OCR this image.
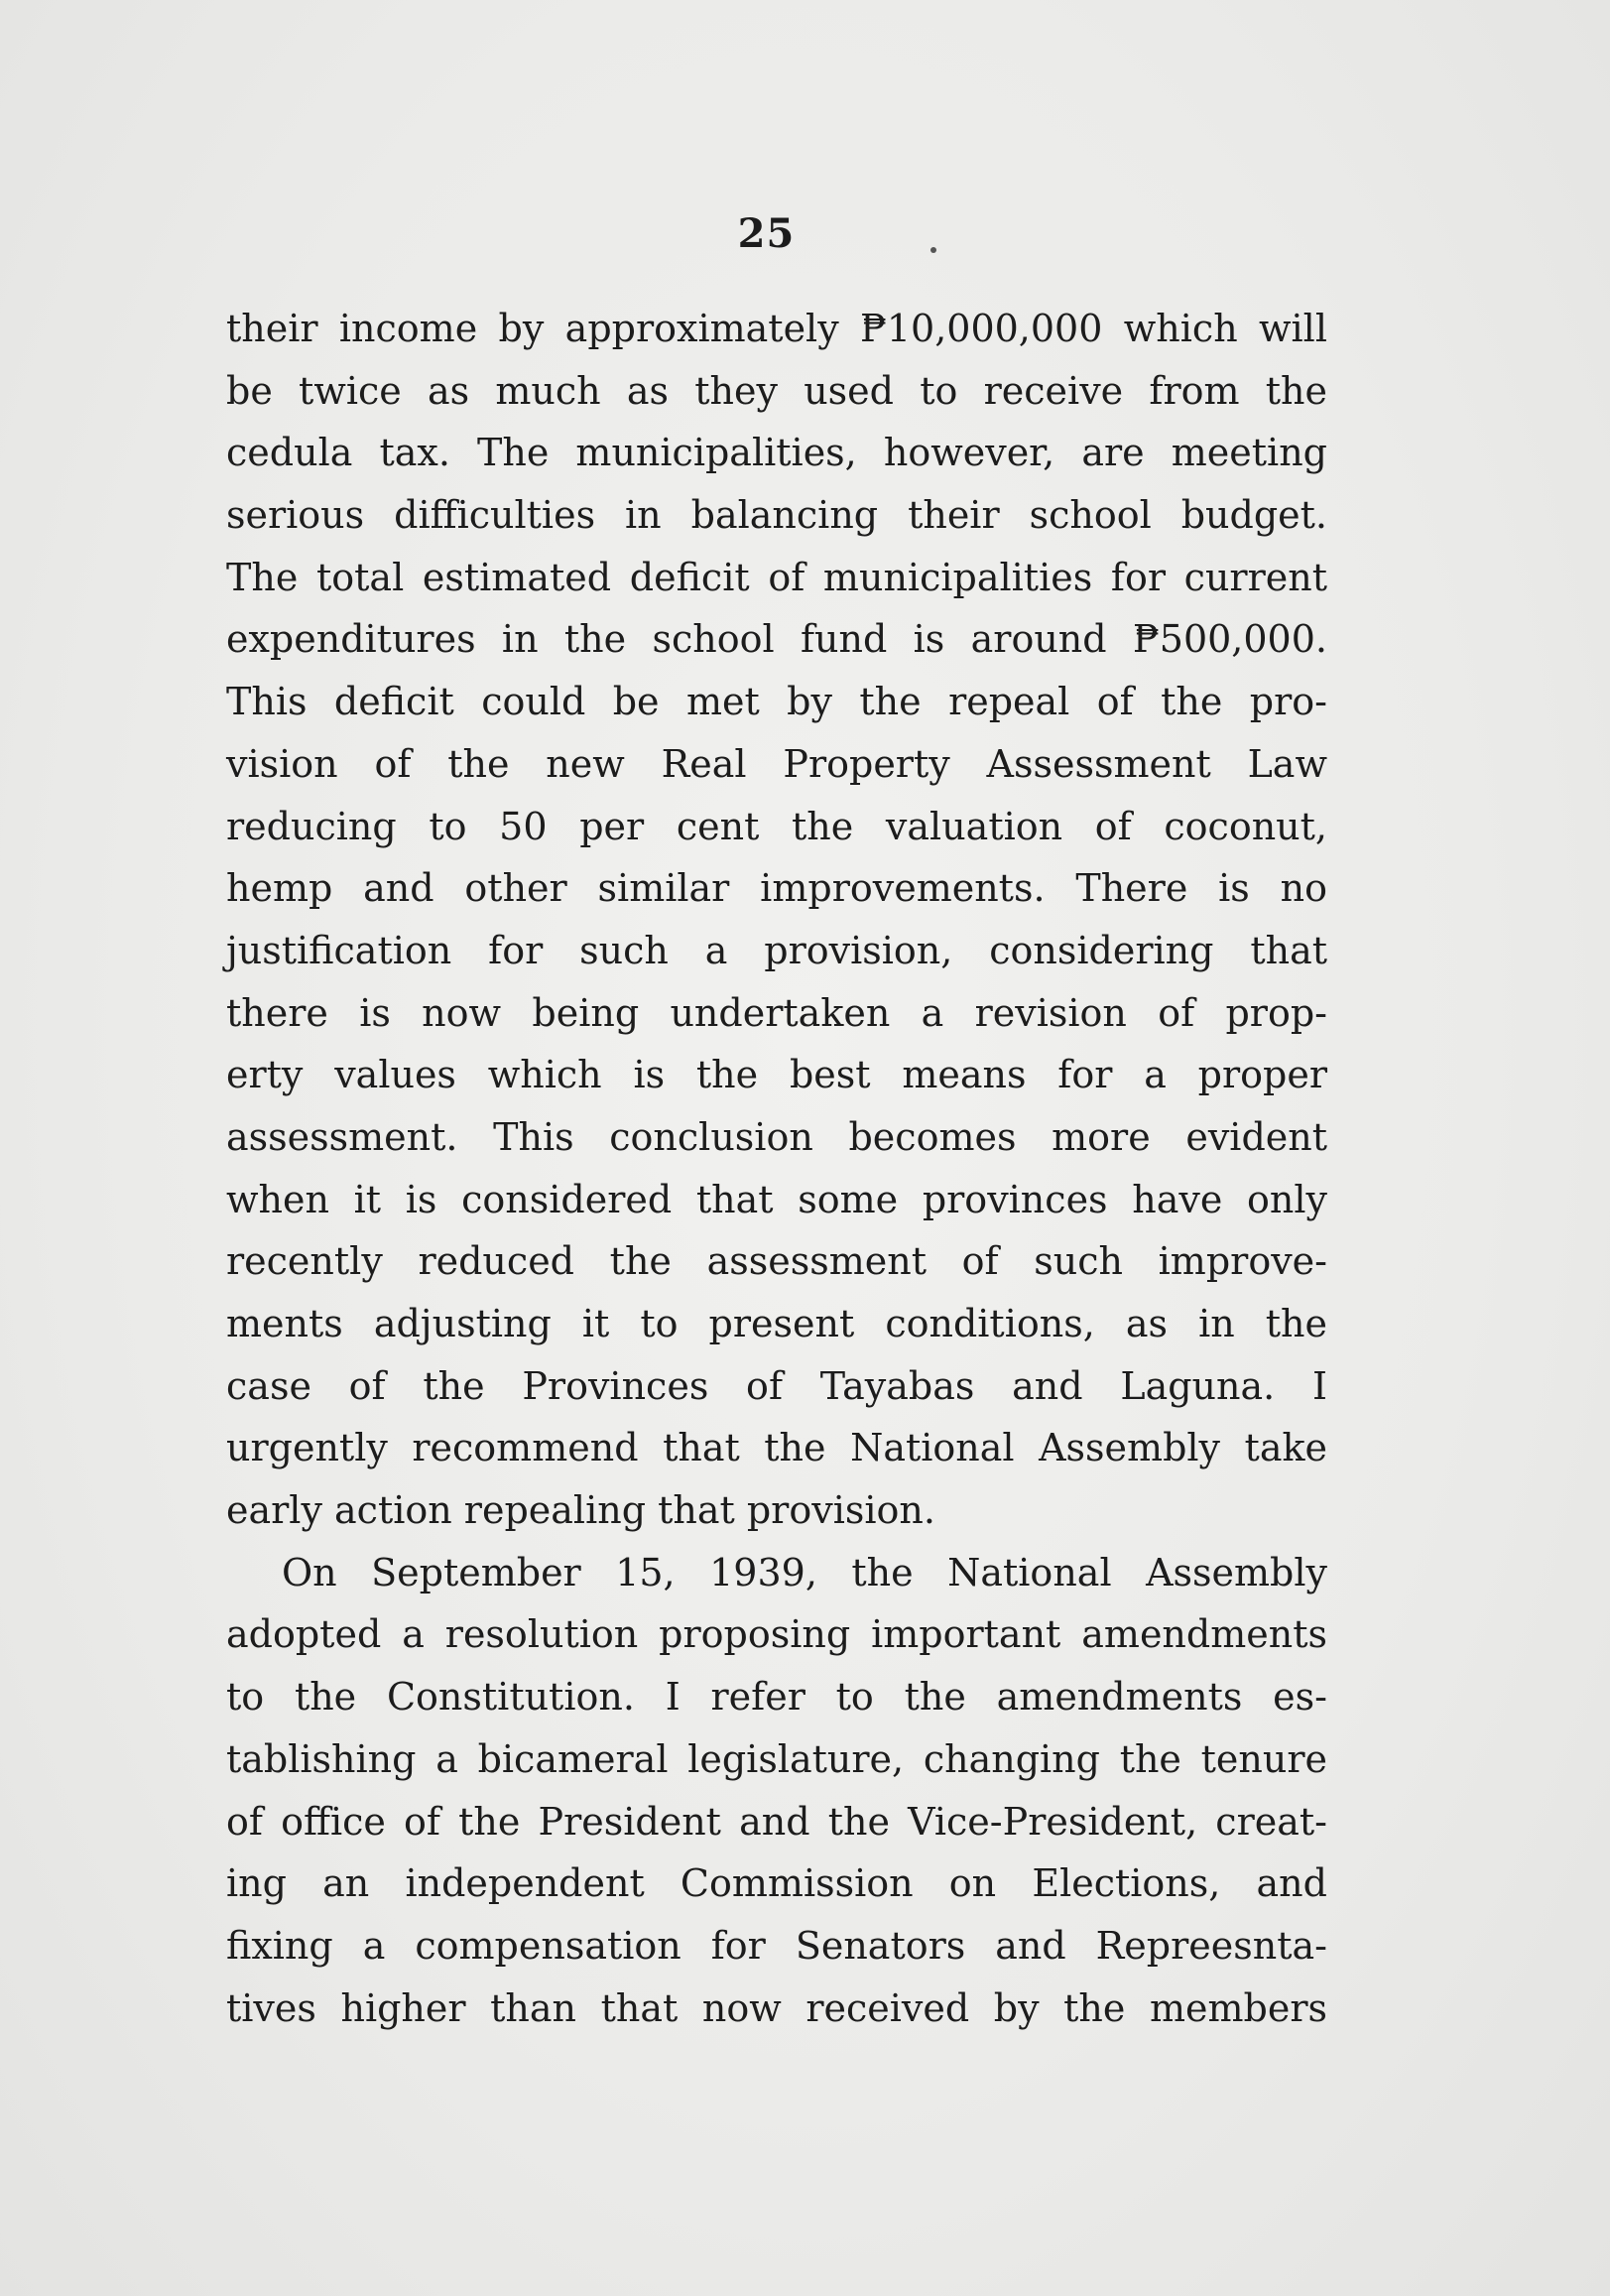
25
their income by approximately ₱10,000,000 which will
be twice as much as they used to receive from the
cedula tax. The municipalities, however, are meeting
serious difficulties in balancing their school budget.
The total estimated deficit of municipalities for current
expenditures in the school fund is around ₱500,000.
This deficit could be met by the repeal of the pro-
vision of the new Real Property Assessment Law
reducing to 50 per cent the valuation of coconut,
hemp and other similar improvements. There is no
justification for such a provision, considering that
there is now being undertaken a revision of prop-
erty values which is the best means for a proper
assessment. This conclusion becomes more evident
when it is considered that some provinces have only
recently reduced the assessment of such improve-
ments adjusting it to present conditions, as in the
case of the Provinces of Tayabas and Laguna. I
urgently recommend that the National Assembly take
early action repealing that provision.
On September 15, 1939, the National Assembly
adopted a resolution proposing important amendments
to the Constitution. I refer to the amendments es-
tablishing a bicameral legislature, changing the tenure
of office of the President and the Vice-President, creat-
ing an independent Commission on Elections, and
fixing a compensation for Senators and Repreesnta-
tives higher than that now received by the members
